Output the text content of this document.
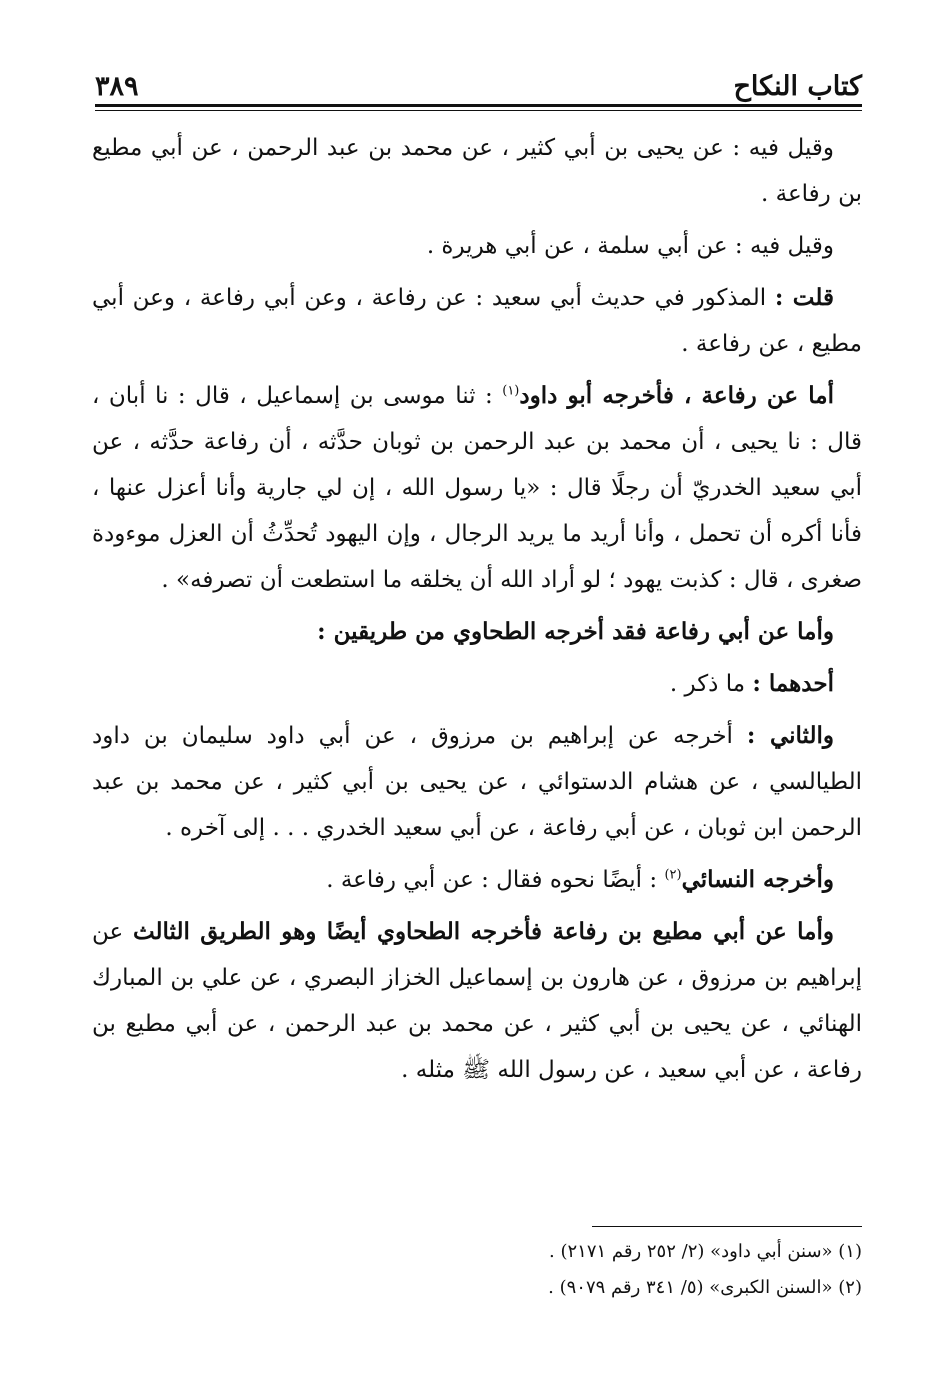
كتاب النكاح
٣٨٩

وقيل فيه : عن يحيى بن أبي كثير ، عن محمد بن عبد الرحمن ، عن أبي مطيع بن رفاعة .

وقيل فيه : عن أبي سلمة ، عن أبي هريرة .

قلت : المذكور في حديث أبي سعيد : عن رفاعة ، وعن أبي رفاعة ، وعن أبي مطيع ، عن رفاعة .

أما عن رفاعة ، فأخرجه أبو داود$^{(١)}$ : ثنا موسى بن إسماعيل ، قال : نا أبان ، قال : نا يحيى ، أن محمد بن عبد الرحمن بن ثوبان حدَّثه ، أن رفاعة حدَّثه ، عن أبي سعيد الخدريّ أن رجلًا قال : «يا رسول الله ، إن لي جارية وأنا أعزل عنها ، فأنا أكره أن تحمل ، وأنا أريد ما يريد الرجال ، وإن اليهود تُحدِّثُ أن العزل موءودة صغرى ، قال : كذبت يهود ؛ لو أراد الله أن يخلقه ما استطعت أن تصرفه» .

وأما عن أبي رفاعة فقد أخرجه الطحاوي من طريقين :

أحدهما : ما ذكر .

والثاني : أخرجه عن إبراهيم بن مرزوق ، عن أبي داود سليمان بن داود الطيالسي ، عن هشام الدستوائي ، عن يحيى بن أبي كثير ، عن محمد بن عبد الرحمن ابن ثوبان ، عن أبي رفاعة ، عن أبي سعيد الخدري . . . إلى آخره .

وأخرجه النسائي$^{(٢)}$ : أيضًا نحوه فقال : عن أبي رفاعة .

وأما عن أبي مطيع بن رفاعة فأخرجه الطحاوي أيضًا وهو الطريق الثالث عن إبراهيم بن مرزوق ، عن هارون بن إسماعيل الخزاز البصري ، عن علي بن المبارك الهنائي ، عن يحيى بن أبي كثير ، عن محمد بن عبد الرحمن ، عن أبي مطيع بن رفاعة ، عن أبي سعيد ، عن رسول الله ﷺ مثله .

(١) «سنن أبي داود» (٢/ ٢٥٢ رقم ٢١٧١) .
(٢) «السنن الكبرى» (٥/ ٣٤١ رقم ٩٠٧٩) .
